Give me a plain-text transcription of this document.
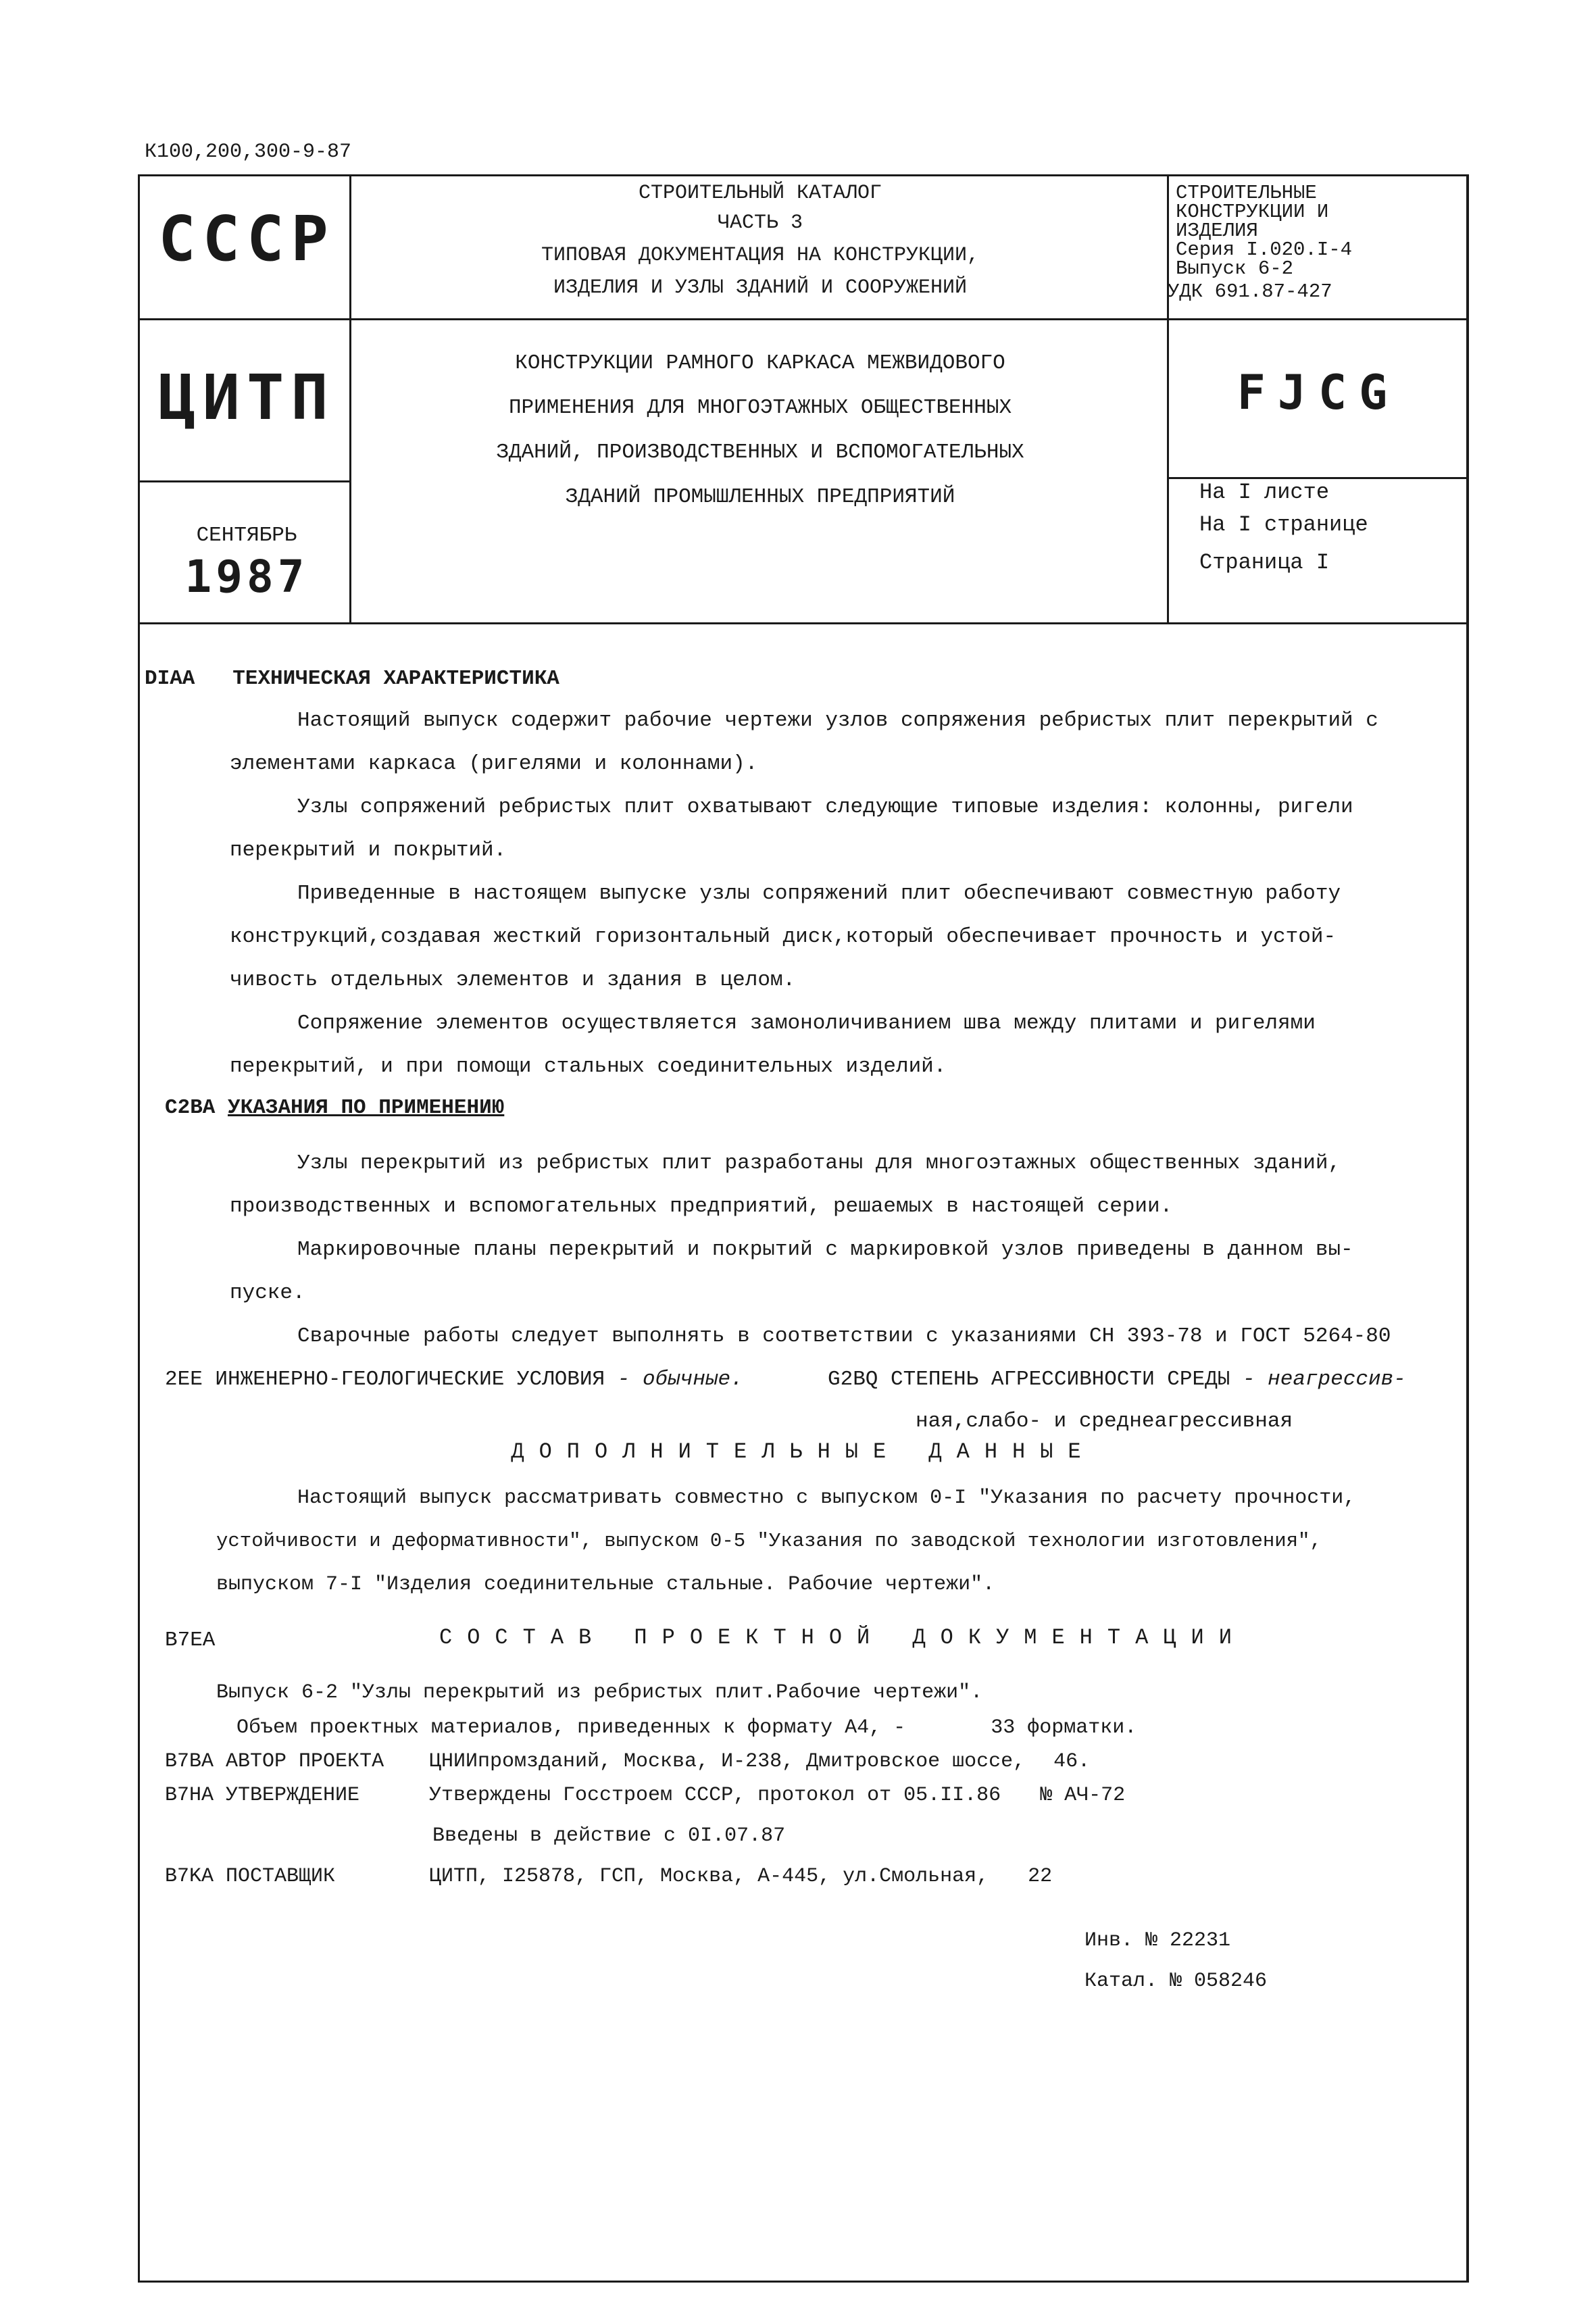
К100,200,300-9-87
СССР
ЦИТП
СЕНТЯБРЬ
1987
СТРОИТЕЛЬНЫЙ КАТАЛОГ
ЧАСТЬ 3
ТИПОВАЯ ДОКУМЕНТАЦИЯ НА КОНСТРУКЦИИ,
ИЗДЕЛИЯ И УЗЛЫ ЗДАНИЙ И СООРУЖЕНИЙ
СТРОИТЕЛЬНЫЕ
КОНСТРУКЦИИ И
ИЗДЕЛИЯ
Серия I.020.I-4
Выпуск 6-2
УДК 691.87-427
КОНСТРУКЦИИ РАМНОГО КАРКАСА МЕЖВИДОВОГО
ПРИМЕНЕНИЯ ДЛЯ МНОГОЭТАЖНЫХ ОБЩЕСТВЕННЫХ
ЗДАНИЙ, ПРОИЗВОДСТВЕННЫХ И ВСПОМОГАТЕЛЬНЫХ
ЗДАНИЙ ПРОМЫШЛЕННЫХ ПРЕДПРИЯТИЙ
FJCG
На I листе
На I странице
Страница I
DIAA ТЕХНИЧЕСКАЯ ХАРАКТЕРИСТИКА
Настоящий выпуск содержит рабочие чертежи узлов сопряжения ребристых плит перекрытий с
элементами каркаса (ригелями и колоннами).
Узлы сопряжений ребристых плит охватывают следующие типовые изделия: колонны, ригели
перекрытий и покрытий.
Приведенные в настоящем выпуске узлы сопряжений плит обеспечивают совместную работу
конструкций,создавая жесткий горизонтальный диск,который обеспечивает прочность и устой-
чивость отдельных элементов и здания в целом.
Сопряжение элементов осуществляется замоноличиванием шва между плитами и ригелями
перекрытий, и при помощи стальных соединительных изделий.
C2BA УКАЗАНИЯ ПО ПРИМЕНЕНИЮ
Узлы перекрытий из ребристых плит разработаны для многоэтажных общественных зданий,
производственных и вспомогательных предприятий, решаемых в настоящей серии.
Маркировочные планы перекрытий и покрытий с маркировкой узлов приведены в данном вы-
пуске.
Сварочные работы следует выполнять в соответствии с указаниями СН 393-78 и ГОСТ 5264-80
2ЕЕ ИНЖЕНЕРНО-ГЕОЛОГИЧЕСКИЕ УСЛОВИЯ - обычные.	G2BQ СТЕПЕНЬ АГРЕССИВНОСТИ СРЕДЫ - неагрессив-
ная,слабо- и среднеагрессивная
ДОПОЛНИТЕЛЬНЫЕ ДАННЫЕ
Настоящий выпуск рассматривать совместно с выпуском 0-I "Указания по расчету прочности,
устойчивости и деформативности", выпуском 0-5 "Указания по заводской технологии изготовления",
выпуском 7-I "Изделия соединительные стальные. Рабочие чертежи".
B7EA	СОСТАВ ПРОЕКТНОЙ ДОКУМЕНТАЦИИ
Выпуск 6-2 "Узлы перекрытий из ребристых плит.Рабочие чертежи".
Объем проектных материалов, приведенных к формату А4, -	33 форматки.
B7BA АВТОР ПРОЕКТА ЦНИИпромзданий, Москва, И-238, Дмитровское шоссе, 46.
B7HA УТВЕРЖДЕНИЕ	Утверждены Госстроем СССР, протокол от 05.II.86 № АЧ-72
Введены в действие с 0I.07.87
B7KA ПОСТАВЩИК	ЦИТП, I25878, ГСП, Москва, А-445, ул.Смольная, 22
Инв. № 22231
Катал. № 058246
